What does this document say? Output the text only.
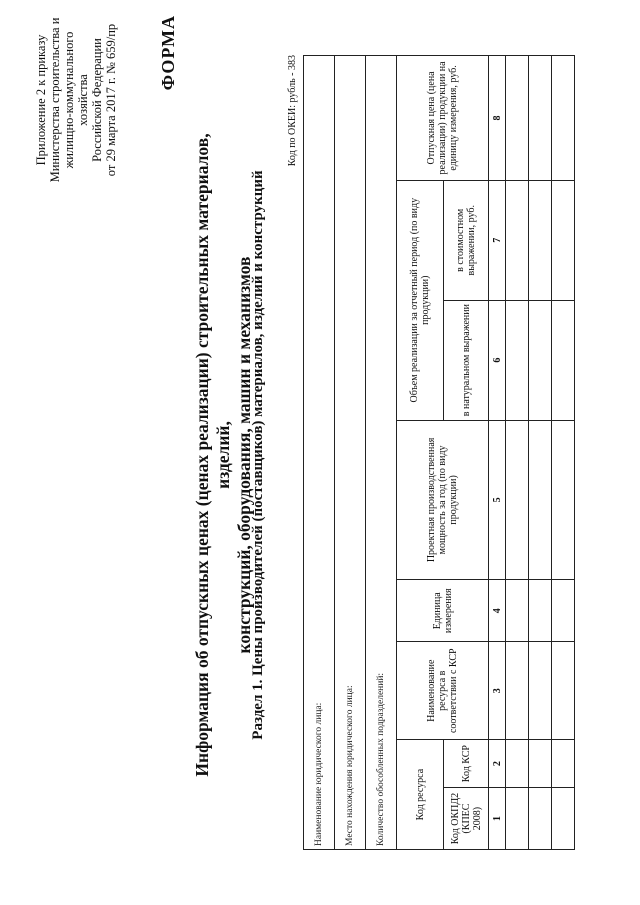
Приложение 2 к приказу Министерства строительства и жилищно-коммунального хозяйства Российской Федерации от 29 марта 2017 г. № 659/пр ФОРМА
Информация об отпускных ценах (ценах реализации) строительных материалов, изделий, конструкций, оборудования, машин и механизмов
Раздел 1. Цены производителей (поставщиков) материалов, изделий и конструкций
Код по ОКЕИ: рубль - 383
Наименование юридического лица:							
Место нахождения юридического лица:							
Количество обособленных подразделений:							
Код ресурса		Наименование ресурса в соответствии с КСР	Единица измерения	Проектная производственная мощность за год (по виду продукции)	Объем реализации за отчетный период (по виду продукции)		Отпускная цена (цена реализации) продукции на единицу измерения, руб.
Код ОКПД2 (КПЕС 2008)	Код КСР				в натуральном выражении	в стоимостном выражении, руб.	
1	2	3	4	5	6	7	8
